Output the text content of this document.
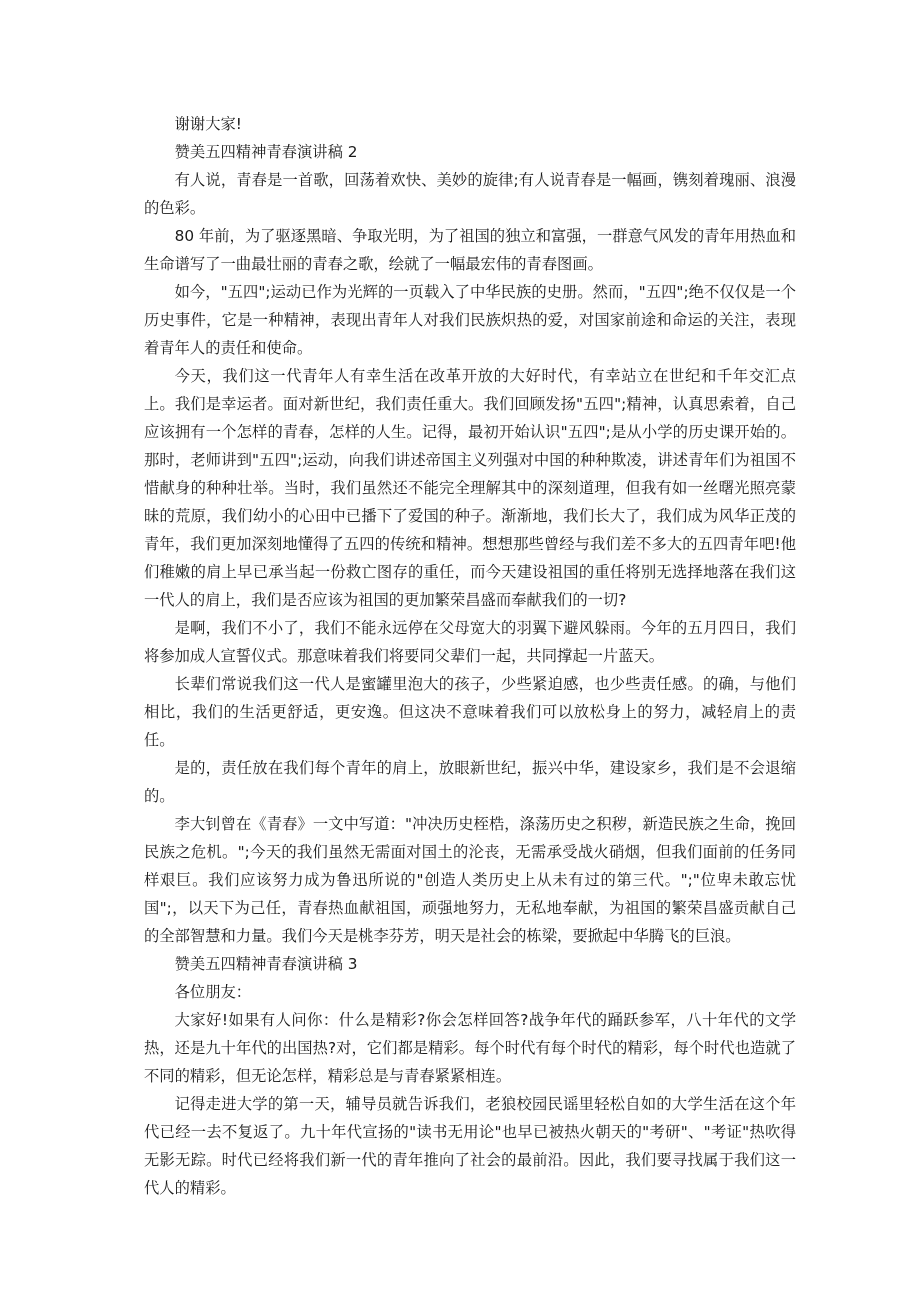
谢谢大家!

赞美五四精神青春演讲稿 2

有人说，青春是一首歌，回荡着欢快、美妙的旋律;有人说青春是一幅画，镌刻着瑰丽、浪漫的色彩。

80 年前，为了驱逐黑暗、争取光明，为了祖国的独立和富强，一群意气风发的青年用热血和生命谱写了一曲最壮丽的青春之歌，绘就了一幅最宏伟的青春图画。

如今，"五四";运动已作为光辉的一页载入了中华民族的史册。然而，"五四";绝不仅仅是一个历史事件，它是一种精神，表现出青年人对我们民族炽热的爱，对国家前途和命运的关注，表现着青年人的责任和使命。

今天，我们这一代青年人有幸生活在改革开放的大好时代，有幸站立在世纪和千年交汇点上。我们是幸运者。面对新世纪，我们责任重大。我们回顾发扬"五四";精神，认真思索着，自己应该拥有一个怎样的青春，怎样的人生。记得，最初开始认识"五四";是从小学的历史课开始的。那时，老师讲到"五四";运动，向我们讲述帝国主义列强对中国的种种欺凌，讲述青年们为祖国不惜献身的种种壮举。当时，我们虽然还不能完全理解其中的深刻道理，但我有如一丝曙光照亮蒙昧的荒原，我们幼小的心田中已播下了爱国的种子。渐渐地，我们长大了，我们成为风华正茂的青年，我们更加深刻地懂得了五四的传统和精神。想想那些曾经与我们差不多大的五四青年吧!他们稚嫩的肩上早已承当起一份救亡图存的重任，而今天建设祖国的重任将别无选择地落在我们这一代人的肩上，我们是否应该为祖国的更加繁荣昌盛而奉献我们的一切?

是啊，我们不小了，我们不能永远停在父母宽大的羽翼下避风躲雨。今年的五月四日，我们将参加成人宣誓仪式。那意味着我们将要同父辈们一起，共同撑起一片蓝天。

长辈们常说我们这一代人是蜜罐里泡大的孩子，少些紧迫感，也少些责任感。的确，与他们相比，我们的生活更舒适，更安逸。但这决不意味着我们可以放松身上的努力，减轻肩上的责任。

是的，责任放在我们每个青年的肩上，放眼新世纪，振兴中华，建设家乡，我们是不会退缩的。

李大钊曾在《青春》一文中写道："冲决历史桎梏，涤荡历史之积秽，新造民族之生命，挽回民族之危机。";今天的我们虽然无需面对国土的沦丧，无需承受战火硝烟，但我们面前的任务同样艰巨。我们应该努力成为鲁迅所说的"创造人类历史上从未有过的第三代。";"位卑未敢忘忧国";，以天下为己任，青春热血献祖国，顽强地努力，无私地奉献，为祖国的繁荣昌盛贡献自己的全部智慧和力量。我们今天是桃李芬芳，明天是社会的栋梁，要掀起中华腾飞的巨浪。

赞美五四精神青春演讲稿 3

各位朋友：

大家好!如果有人问你：什么是精彩?你会怎样回答?战争年代的踊跃参军，八十年代的文学热，还是九十年代的出国热?对，它们都是精彩。每个时代有每个时代的精彩，每个时代也造就了不同的精彩，但无论怎样，精彩总是与青春紧紧相连。

记得走进大学的第一天，辅导员就告诉我们，老狼校园民谣里轻松自如的大学生活在这个年代已经一去不复返了。九十年代宣扬的"读书无用论"也早已被热火朝天的"考研"、"考证"热吹得无影无踪。时代已经将我们新一代的青年推向了社会的最前沿。因此，我们要寻找属于我们这一代人的精彩。
